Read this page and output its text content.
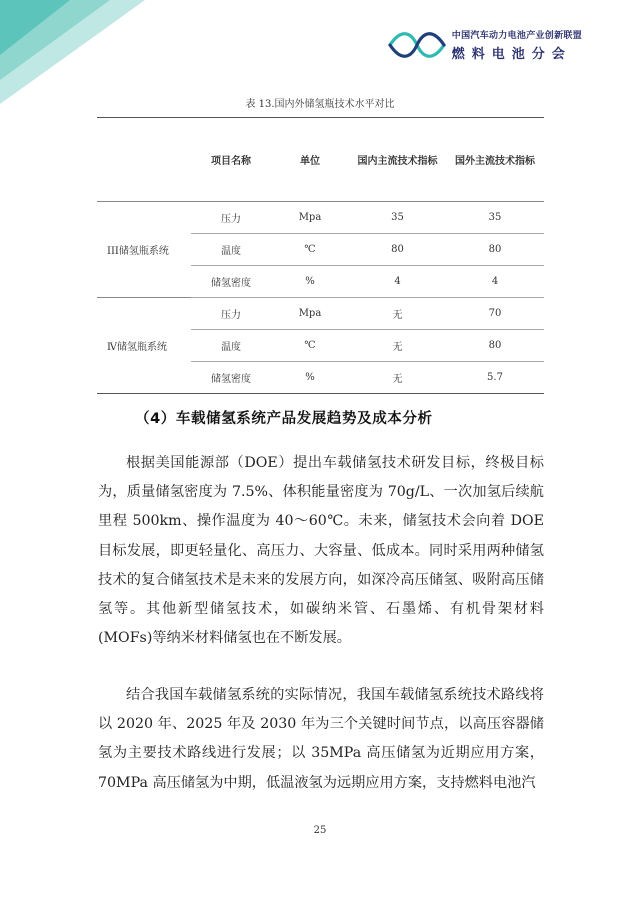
中国汽车动力电池产业创新联盟
燃料电池分会
表 13.国内外储氢瓶技术水平对比
	项目名称	单位	国内主流技术指标	国外主流技术指标
III储氢瓶系统	压力	Mpa	35	35
	温度	℃	80	80
	储氢密度	%	4	4
Ⅳ储氢瓶系统	压力	Mpa	无	70
	温度	℃	无	80
	储氢密度	%	无	5.7
（4）车载储氢系统产品发展趋势及成本分析

根据美国能源部（DOE）提出车载储氢技术研发目标，终极目标为，质量储氢密度为 7.5%、体积能量密度为 70g/L、一次加氢后续航里程 500km、操作温度为 40～60℃。未来，储氢技术会向着 DOE 目标发展，即更轻量化、高压力、大容量、低成本。同时采用两种储氢技术的复合储氢技术是未来的发展方向，如深冷高压储氢、吸附高压储氢等。其他新型储氢技术，如碳纳米管、石墨烯、有机骨架材料(MOFs)等纳米材料储氢也在不断发展。

结合我国车载储氢系统的实际情况，我国车载储氢系统技术路线将以 2020 年、2025 年及 2030 年为三个关键时间节点，以高压容器储氢为主要技术路线进行发展；以 35MPa 高压储氢为近期应用方案，70MPa 高压储氢为中期，低温液氢为远期应用方案，支持燃料电池汽

25
